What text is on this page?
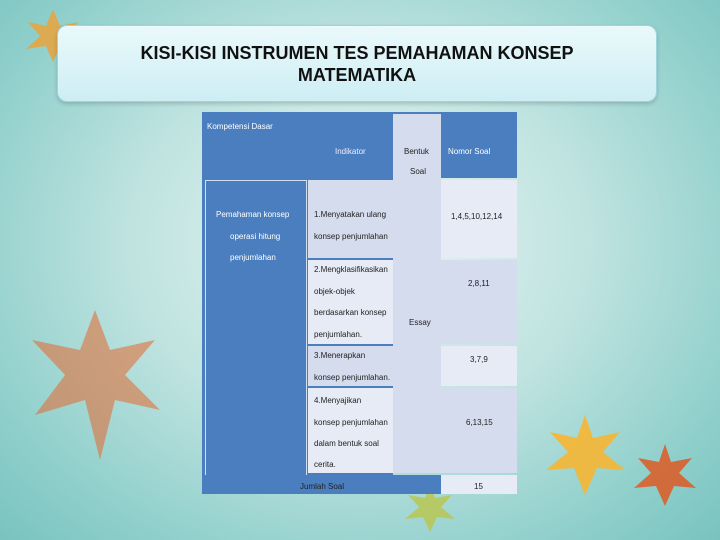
KISI-KISI INSTRUMEN TES PEMAHAMAN KONSEP
MATEMATIKA
Kompetensi Dasar
Indikator	Bentuk
Soal
Nomor Soal
Pemahaman konsep
operasi hitung
penjumlahan
Essay
1.Menyatakan ulang
konsep penjumlahan
1,4,5,10,12,14
2.Mengklasifikasikan
objek-objek
berdasarkan konsep
penjumlahan.
2,8,11
3.Menerapkan
konsep penjumlahan.
3,7,9
4.Menyajikan
konsep penjumlahan
dalam bentuk soal
cerita.
6,13,15
Jumlah Soal	15
